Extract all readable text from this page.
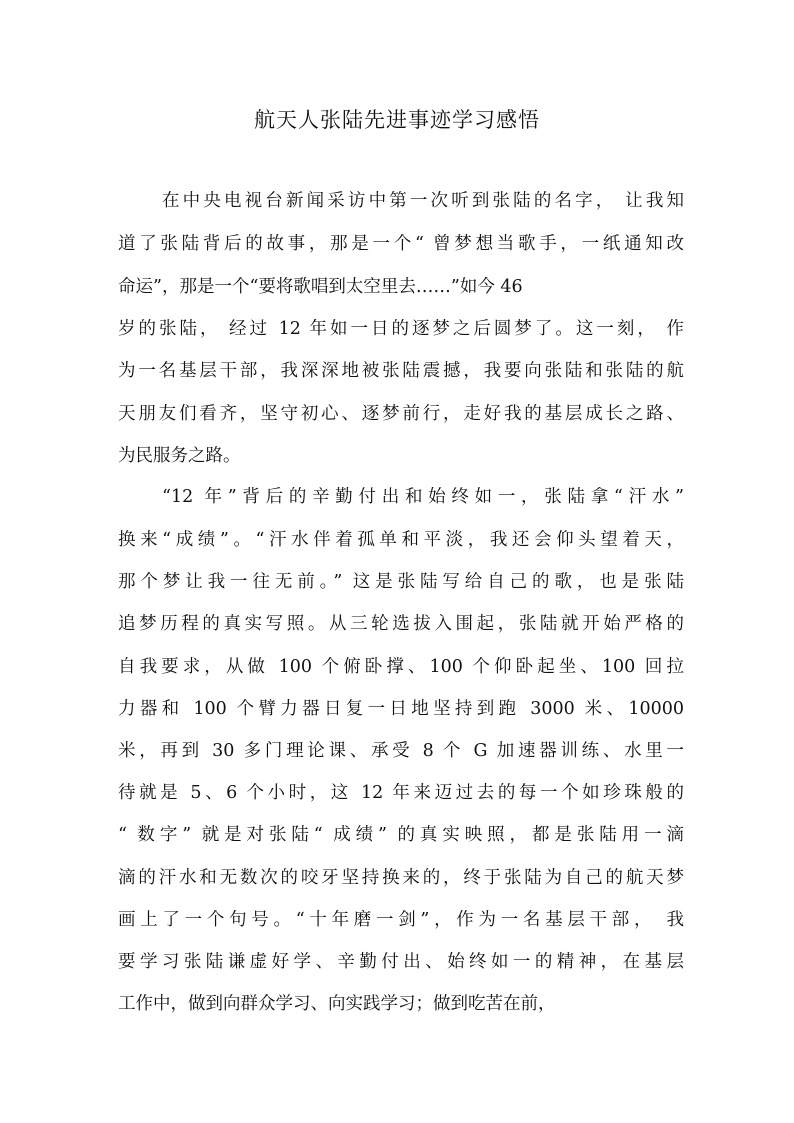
航天人张陆先进事迹学习感悟
在中央电视台新闻采访中第一次听到张陆的名字， 让我知
道了张陆背后的故事，那是一个“ 曾梦想当歌手，一纸通知改
命运”，那是一个“要将歌唱到太空里去……”如今 46
岁的张陆， 经过 12 年如一日的逐梦之后圆梦了。这一刻， 作
为一名基层干部，我深深地被张陆震撼，我要向张陆和张陆的航
天朋友们看齐，坚守初心、逐梦前行，走好我的基层成长之路、
为民服务之路。
“12 年”背后的辛勤付出和始终如一，张陆拿“汗水”
换来“成绩”。“汗水伴着孤单和平淡，我还会仰头望着天，
那个梦让我一往无前。” 这是张陆写给自己的歌，也是张陆
追梦历程的真实写照。从三轮选拔入围起，张陆就开始严格的
自我要求，从做 100 个俯卧撑、100 个仰卧起坐、100 回拉
力器和 100 个臂力器日复一日地坚持到跑 3000 米、10000
米，再到 30 多门理论课、承受 8 个 G 加速器训练、水里一
待就是 5、6 个小时，这 12 年来迈过去的每一个如珍珠般的
“ 数字” 就是对张陆“ 成绩” 的真实映照，都是张陆用一滴
滴的汗水和无数次的咬牙坚持换来的，终于张陆为自己的航天梦
画上了一个句号。“十年磨一剑”，作为一名基层干部， 我
要学习张陆谦虚好学、辛勤付出、始终如一的精神，在基层
工作中，做到向群众学习、向实践学习；做到吃苦在前，
